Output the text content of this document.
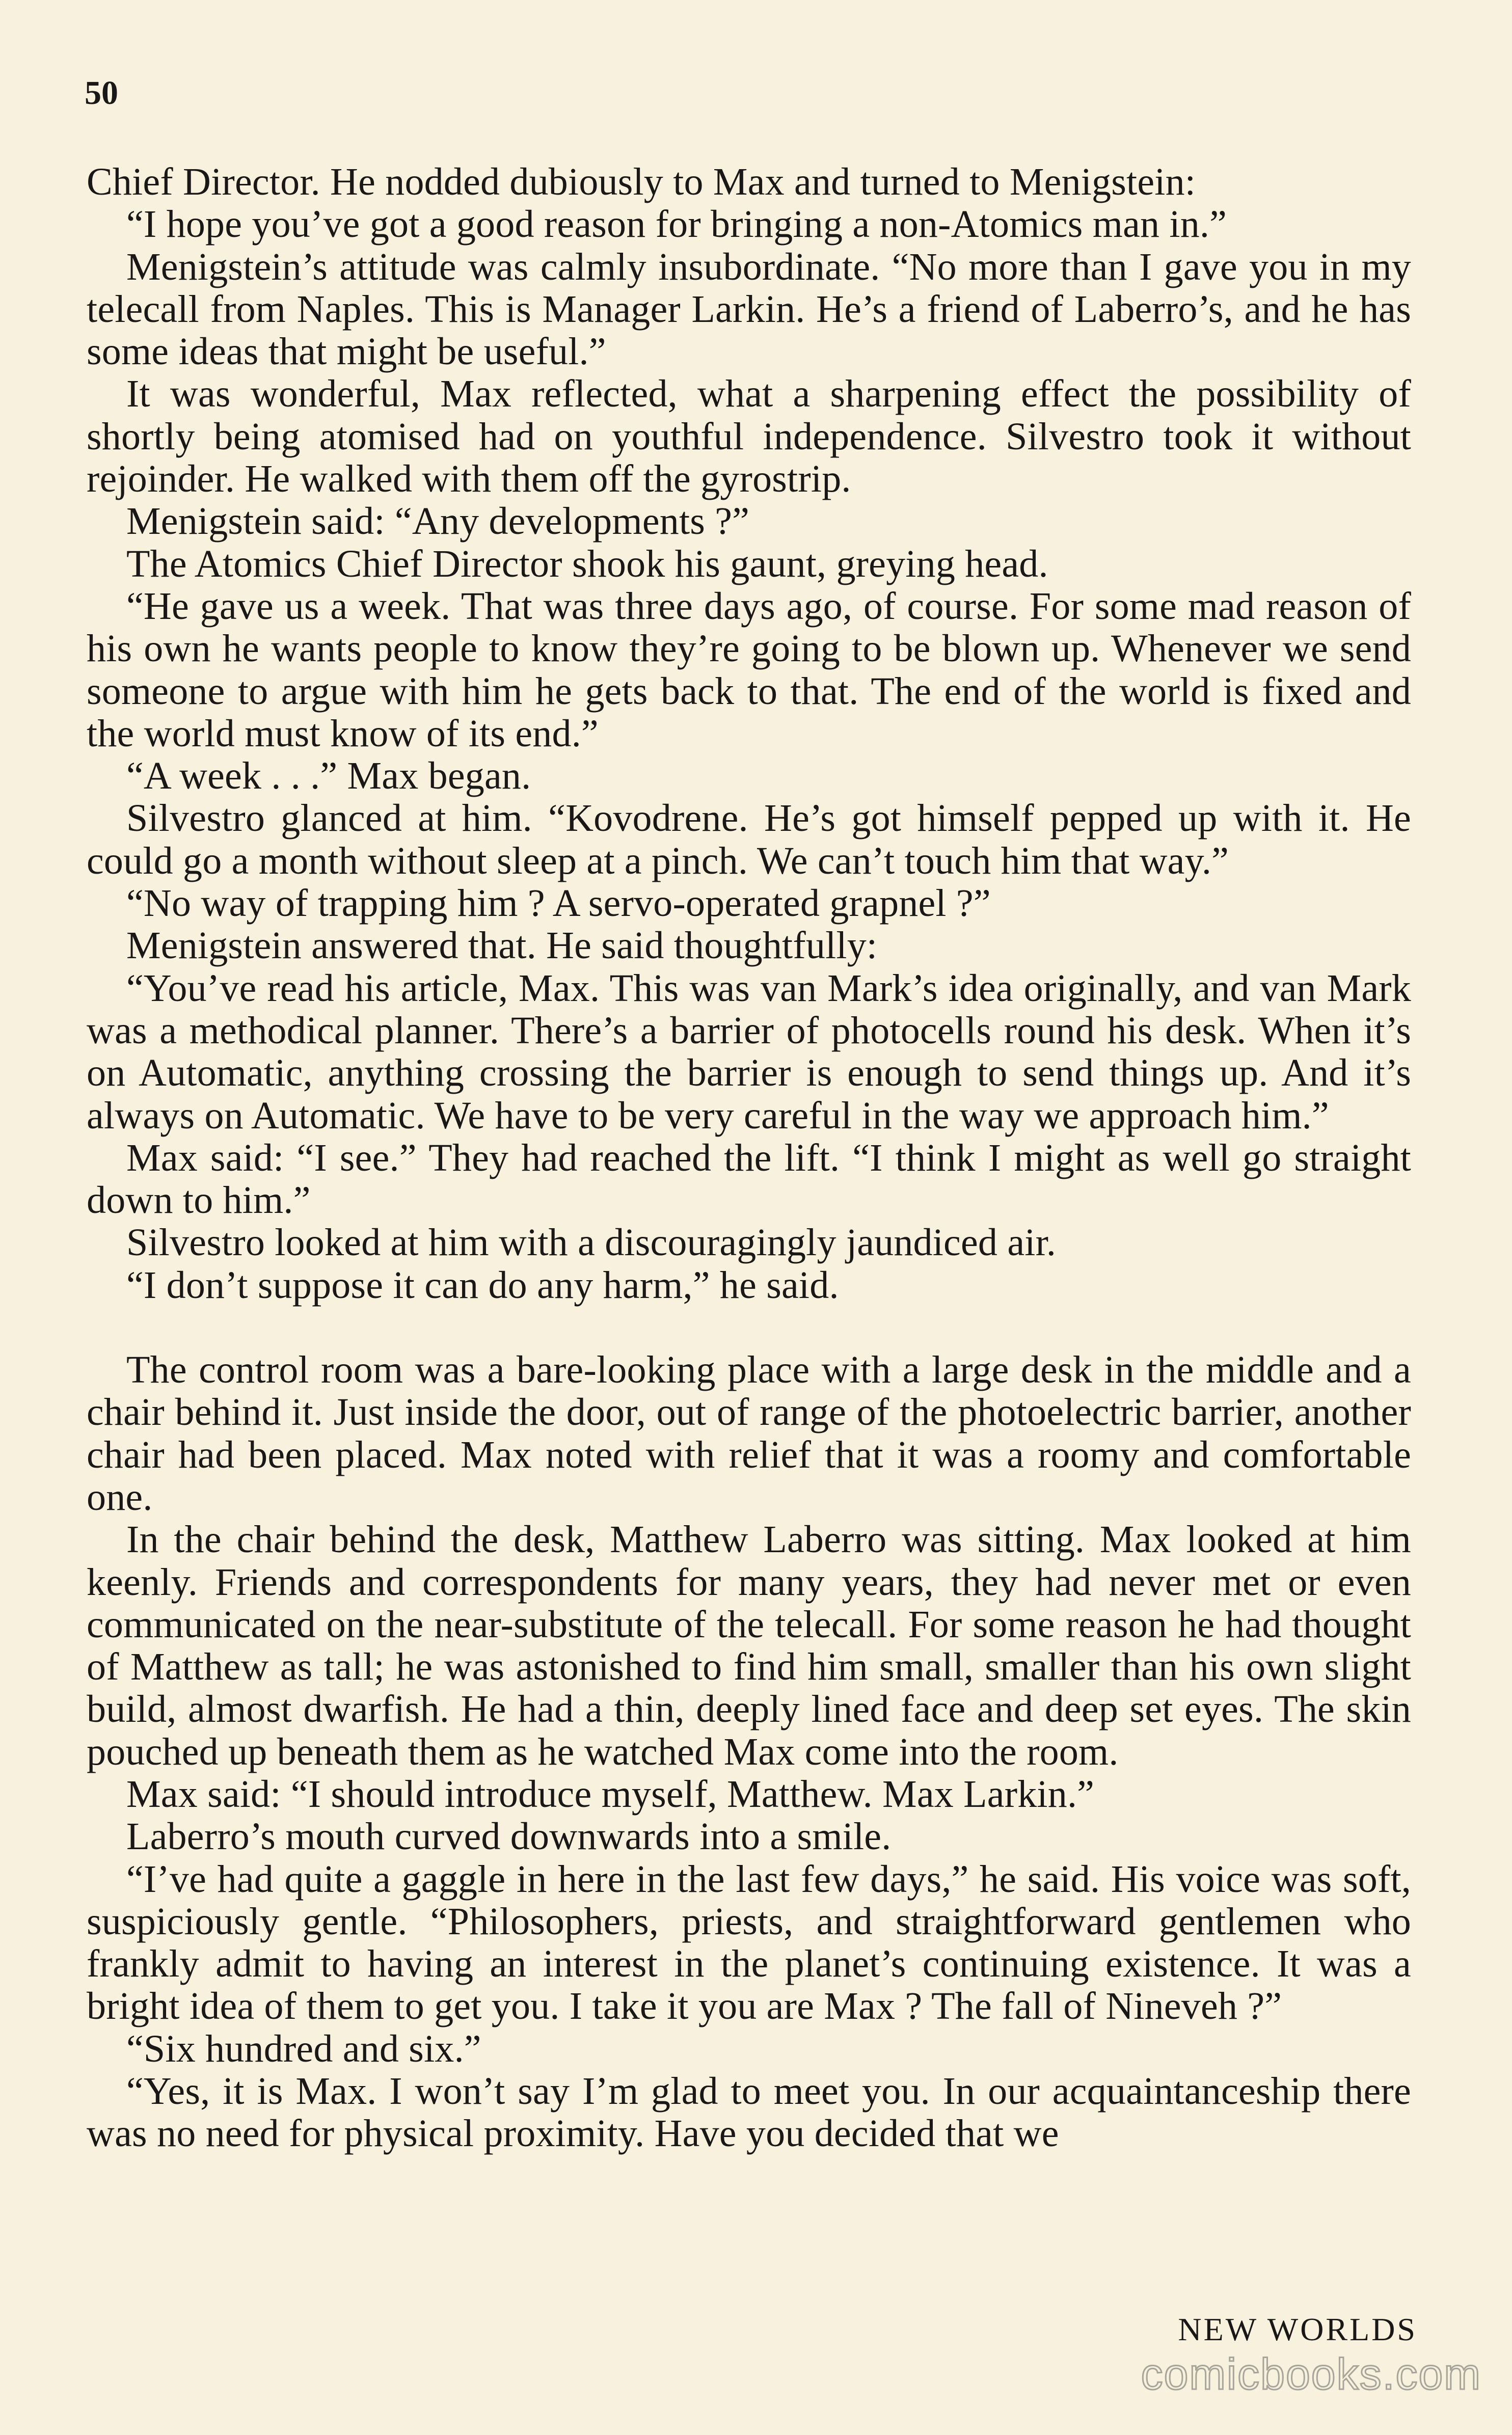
50

Chief Director. He nodded dubiously to Max and turned to Menigstein:

“I hope you’ve got a good reason for bringing a non-Atomics man in.”

Menigstein’s attitude was calmly insubordinate. “No more than I gave you in my telecall from Naples. This is Manager Larkin. He’s a friend of Laberro’s, and he has some ideas that might be useful.”

It was wonderful, Max reflected, what a sharpening effect the possibility of shortly being atomised had on youthful independence. Silvestro took it without rejoinder. He walked with them off the gyrostrip.

Menigstein said: “Any developments ?”

The Atomics Chief Director shook his gaunt, greying head.

“He gave us a week. That was three days ago, of course. For some mad reason of his own he wants people to know they’re going to be blown up. Whenever we send someone to argue with him he gets back to that. The end of the world is fixed and the world must know of its end.”

“A week . . .” Max began.

Silvestro glanced at him. “Kovodrene. He’s got himself pepped up with it. He could go a month without sleep at a pinch. We can’t touch him that way.”

“No way of trapping him ? A servo-operated grapnel ?”

Menigstein answered that. He said thoughtfully:

“You’ve read his article, Max. This was van Mark’s idea originally, and van Mark was a methodical planner. There’s a barrier of photocells round his desk. When it’s on Automatic, anything crossing the barrier is enough to send things up. And it’s always on Automatic. We have to be very careful in the way we approach him.”

Max said: “I see.” They had reached the lift. “I think I might as well go straight down to him.”

Silvestro looked at him with a discouragingly jaundiced air.

“I don’t suppose it can do any harm,” he said.

The control room was a bare-looking place with a large desk in the middle and a chair behind it. Just inside the door, out of range of the photoelectric barrier, another chair had been placed. Max noted with relief that it was a roomy and comfortable one.

In the chair behind the desk, Matthew Laberro was sitting. Max looked at him keenly. Friends and correspondents for many years, they had never met or even communicated on the near-substitute of the telecall. For some reason he had thought of Matthew as tall; he was astonished to find him small, smaller than his own slight build, almost dwarfish. He had a thin, deeply lined face and deep set eyes. The skin pouched up beneath them as he watched Max come into the room.

Max said: “I should introduce myself, Matthew. Max Larkin.”

Laberro’s mouth curved downwards into a smile.

“I’ve had quite a gaggle in here in the last few days,” he said. His voice was soft, suspiciously gentle. “Philosophers, priests, and straightforward gentlemen who frankly admit to having an interest in the planet’s continuing existence. It was a bright idea of them to get you. I take it you are Max ? The fall of Nineveh ?”

“Six hundred and six.”

“Yes, it is Max. I won’t say I’m glad to meet you. In our acquaintanceship there was no need for physical proximity. Have you decided that we

NEW WORLDS
comicbooks.com
